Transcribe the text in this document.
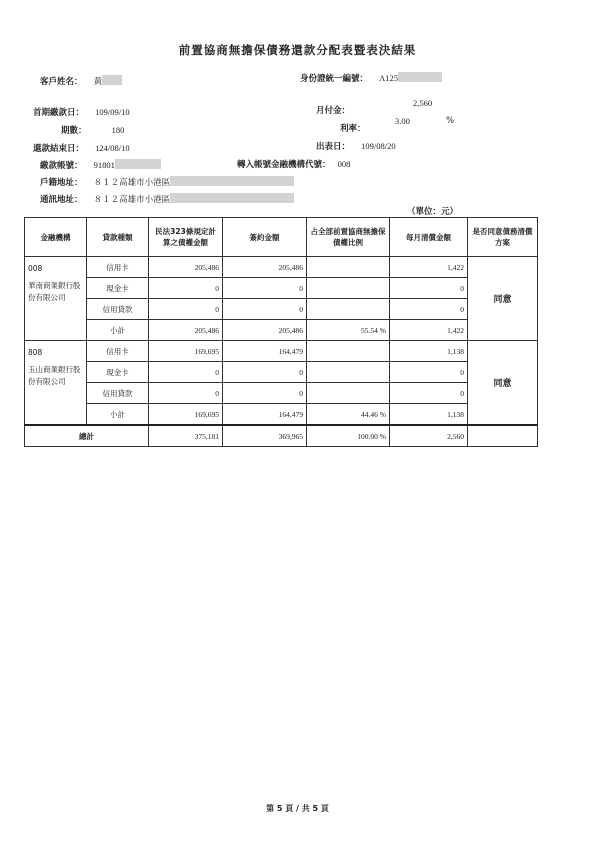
前置協商無擔保債務還款分配表暨表決結果
客戶姓名： 黃	身份證統一編號： A125
首期繳款日： 109/09/10	月付金：
2,560
期數：	180	利率：
3.00	%
還款結束日： 124/08/10	出表日： 109/08/20
繳款帳號： 91801	轉入帳號金融機構代號： 008
戶籍地址： ８１２高雄市小港區
通訊地址： ８１２高雄市小港區
（單位：元）
金融機構	貸款種類	民法323條規定計算之債權金額	簽約金額	占全部前置協商無擔保債權比例	每月清償金額	是否同意債務清償方案

008
華南商業銀行股份有限公司	信用卡	205,486	205,486		1,422	同意
	現金卡	0	0		0	
	信用貸款	0	0		0	
	小計	205,486	205,486	55.54 %	1,422	

808
玉山商業銀行股份有限公司	信用卡	169,695	164,479		1,138	同意
	現金卡	0	0		0	
	信用貸款	0	0		0	
	小計	169,695	164,479	44.46 %	1,138	
總計		375,181	369,965	100.00 %	2,560	
第 5 頁 / 共 5 頁
